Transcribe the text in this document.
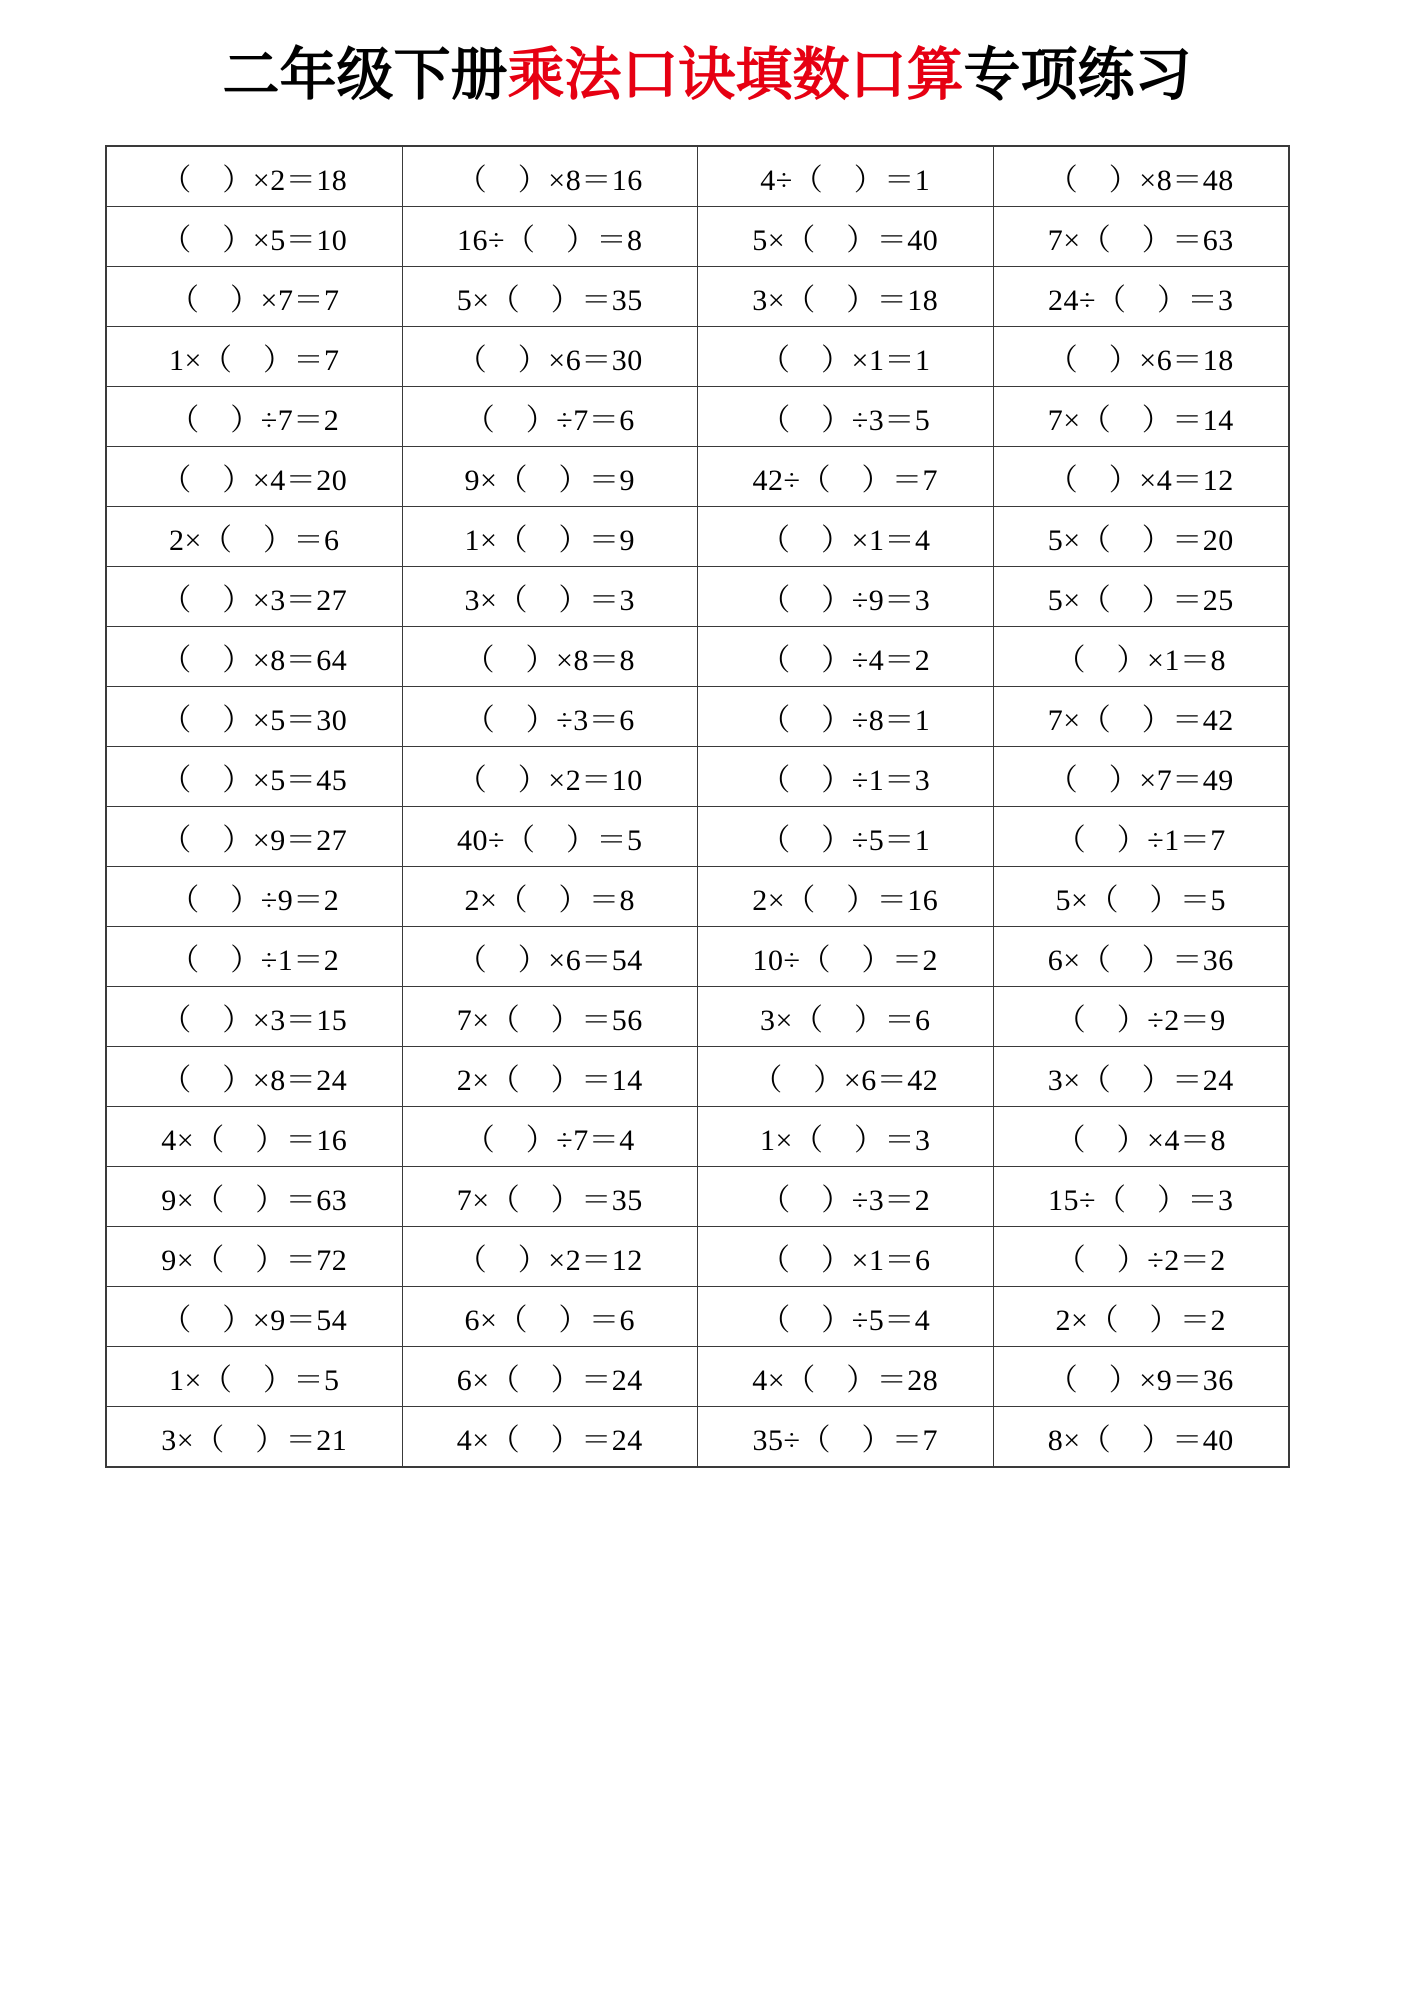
二年级下册乘法口诀填数口算专项练习
（　）×2＝18	（　）×8＝16	4÷（　）＝1	（　）×8＝48
（　）×5＝10	16÷（　）＝8	5×（　）＝40	7×（　）＝63
（　）×7＝7	5×（　）＝35	3×（　）＝18	24÷（　）＝3
1×（　）＝7	（　）×6＝30	（　）×1＝1	（　）×6＝18
（　）÷7＝2	（　）÷7＝6	（　）÷3＝5	7×（　）＝14
（　）×4＝20	9×（　）＝9	42÷（　）＝7	（　）×4＝12
2×（　）＝6	1×（　）＝9	（　）×1＝4	5×（　）＝20
（　）×3＝27	3×（　）＝3	（　）÷9＝3	5×（　）＝25
（　）×8＝64	（　）×8＝8	（　）÷4＝2	（　）×1＝8
（　）×5＝30	（　）÷3＝6	（　）÷8＝1	7×（　）＝42
（　）×5＝45	（　）×2＝10	（　）÷1＝3	（　）×7＝49
（　）×9＝27	40÷（　）＝5	（　）÷5＝1	（　）÷1＝7
（　）÷9＝2	2×（　）＝8	2×（　）＝16	5×（　）＝5
（　）÷1＝2	（　）×6＝54	10÷（　）＝2	6×（　）＝36
（　）×3＝15	7×（　）＝56	3×（　）＝6	（　）÷2＝9
（　）×8＝24	2×（　）＝14	（　）×6＝42	3×（　）＝24
4×（　）＝16	（　）÷7＝4	1×（　）＝3	（　）×4＝8
9×（　）＝63	7×（　）＝35	（　）÷3＝2	15÷（　）＝3
9×（　）＝72	（　）×2＝12	（　）×1＝6	（　）÷2＝2
（　）×9＝54	6×（　）＝6	（　）÷5＝4	2×（　）＝2
1×（　）＝5	6×（　）＝24	4×（　）＝28	（　）×9＝36
3×（　）＝21	4×（　）＝24	35÷（　）＝7	8×（　）＝40
